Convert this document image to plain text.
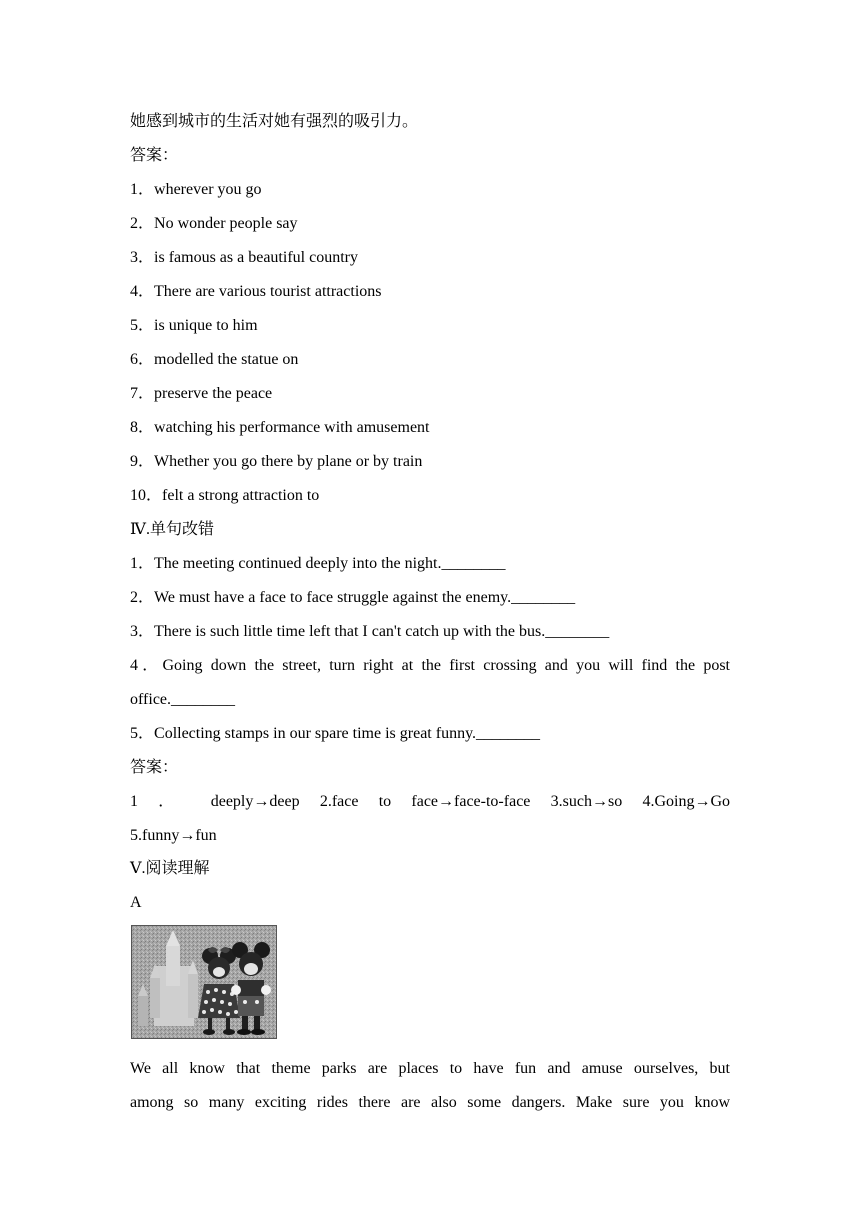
她感到城市的生活对她有强烈的吸引力。
答案：
1．wherever you go
2．No wonder people say
3．is famous as a beautiful country
4．There are various tourist attractions
5．is unique to him
6．modelled the statue on
7．preserve the peace
8．watching his performance with amusement
9．Whether you go there by plane or by train
10．felt a strong attraction to
Ⅳ.单句改错
1．The meeting continued deeply into the night.________
2．We must have a face to face struggle against the enemy.________
3．There is such little time left that I can't catch up with the bus.________
4．Going down the street, turn right at the first crossing and you will find the post
office.________
5．Collecting stamps in our spare time is great funny.________
答案：
1 ． deeply→deep 2.face to face→face-to-face 3.such→so 4.Going→Go
5.funny→fun
Ⅴ.阅读理解
A
We all know that theme parks are places to have fun and amuse ourselves, but
among so many exciting rides there are also some dangers. Make sure you know
